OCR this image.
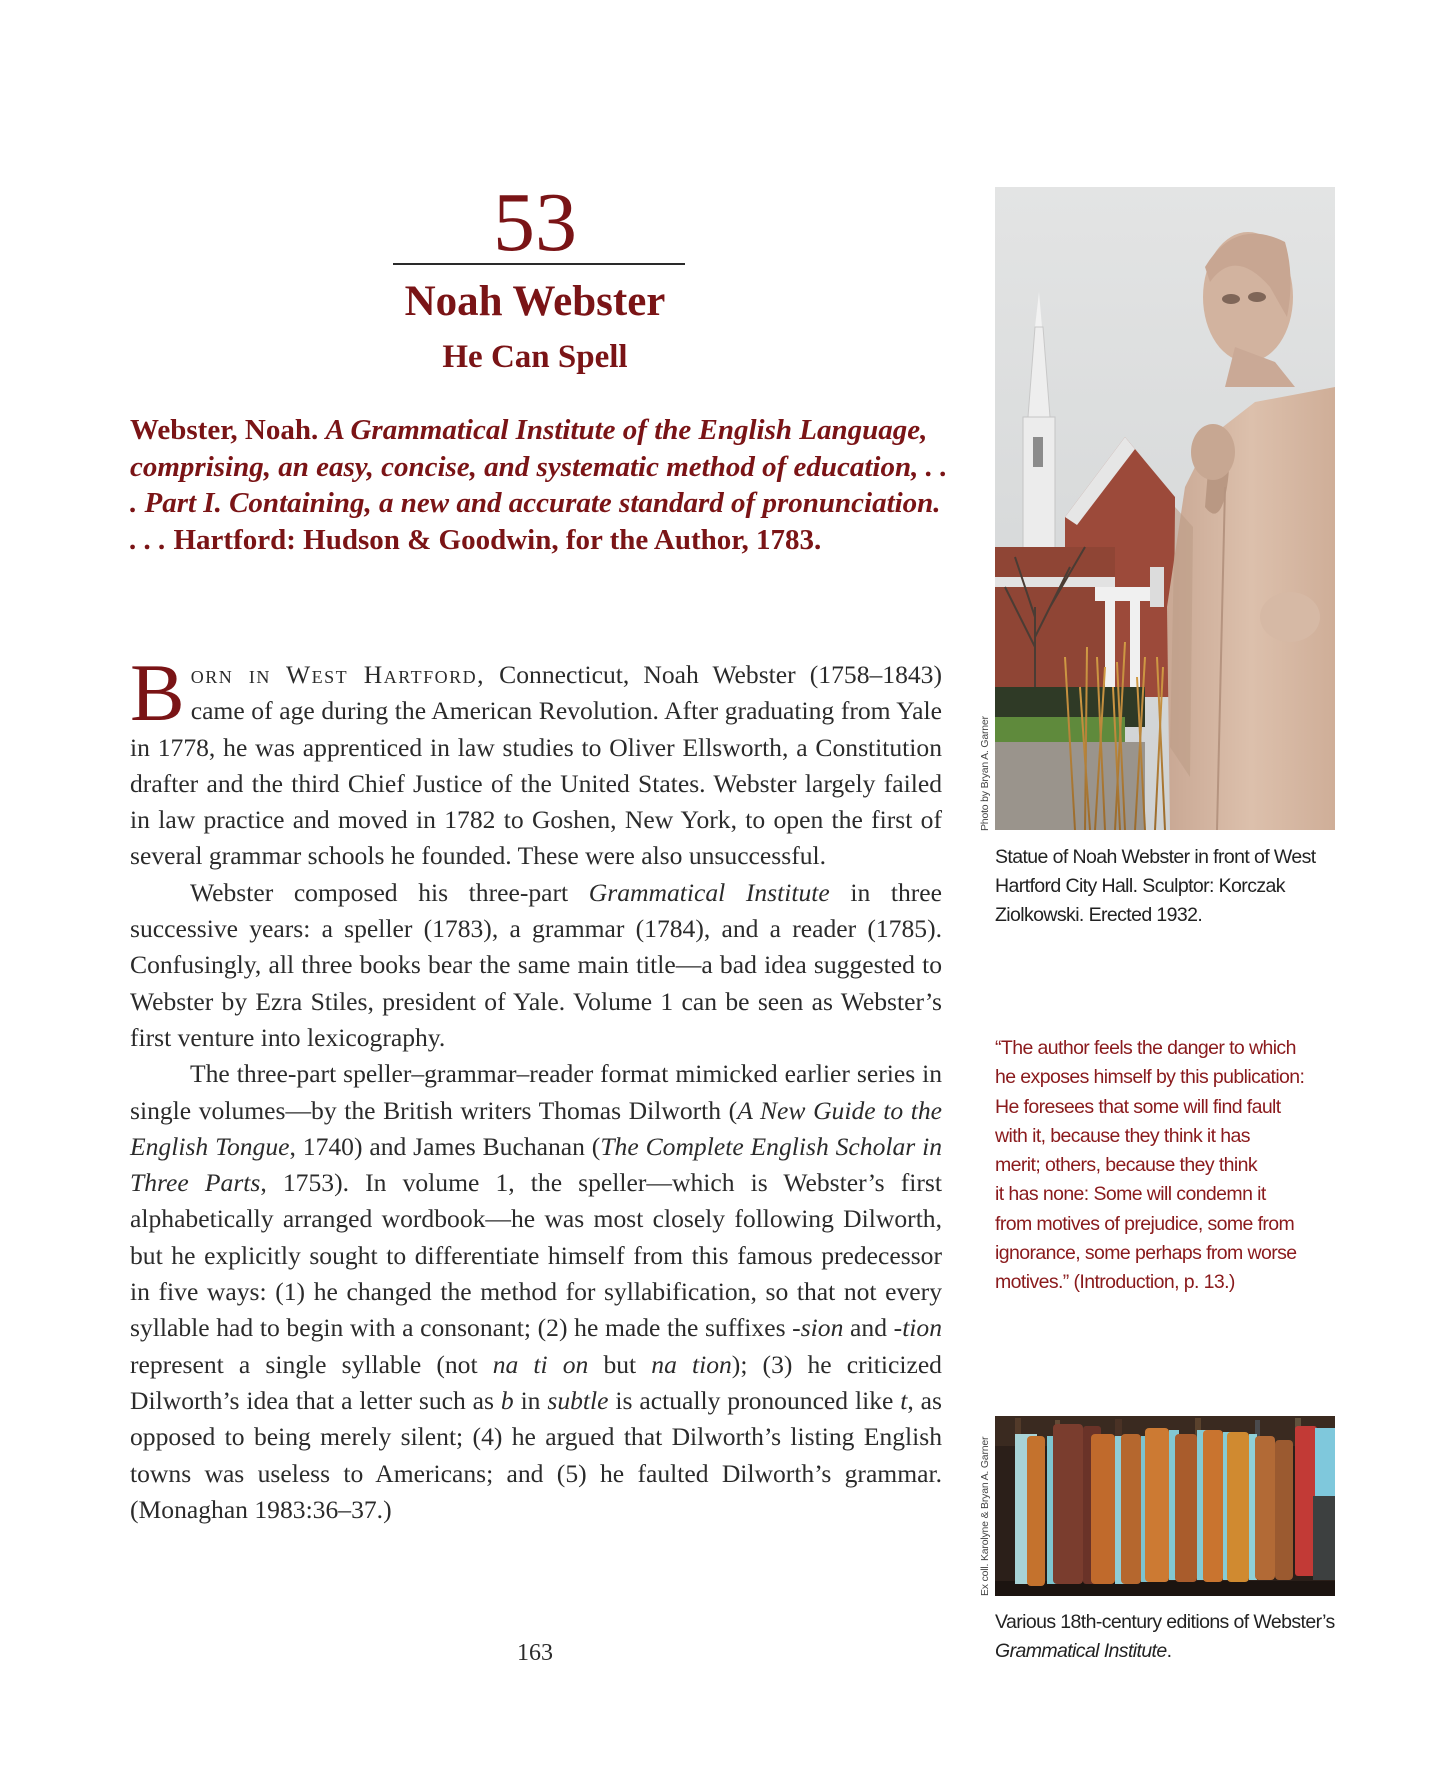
53
Noah Webster
He Can Spell
Webster, Noah. A Grammatical Institute of the English Language, comprising, an easy, concise, and systematic method of education, . . . Part I. Containing, a new and accurate standard of pronunciation. . . . Hartford: Hudson & Goodwin, for the Author, 1783.

Born in West Hartford, Connecticut, Noah Webster (1758–1843) came of age during the American Revolution. After graduating from Yale in 1778, he was apprenticed in law studies to Oliver Ellsworth, a Constitution drafter and the third Chief Justice of the United States. Webster largely failed in law practice and moved in 1782 to Goshen, New York, to open the first of several grammar schools he founded. These were also unsuccessful.

Webster composed his three-part Grammatical Institute in three successive years: a speller (1783), a grammar (1784), and a reader (1785). Confusingly, all three books bear the same main title—a bad idea suggested to Webster by Ezra Stiles, president of Yale. Volume 1 can be seen as Webster’s first venture into lexicography.

The three-part speller–grammar–reader format mimicked earlier series in single volumes—by the British writers Thomas Dilworth (A New Guide to the English Tongue, 1740) and James Buchanan (The Complete English Scholar in Three Parts, 1753). In volume 1, the speller—which is Webster’s first alphabetically arranged wordbook—he was most closely following Dilworth, but he explicitly sought to differentiate himself from this famous predecessor in five ways: (1) he changed the method for syllabification, so that not every syllable had to begin with a consonant; (2) he made the suffixes -sion and -tion represent a single syllable (not na ti on but na tion); (3) he criticized Dilworth’s idea that a letter such as b in subtle is actually pronounced like t, as opposed to being merely silent; (4) he argued that Dilworth’s listing English towns was useless to Americans; and (5) he faulted Dilworth’s grammar. (Monaghan 1983:36–37.)

163
Photo by Bryan A. Garner
Statue of Noah Webster in front of West Hartford City Hall. Sculptor: Korczak Ziolkowski. Erected 1932.
“The author feels the danger to which
he exposes himself by this publication:
He foresees that some will find fault
with it, because they think it has
merit; others, because they think
it has none: Some will condemn it
from motives of prejudice, some from
ignorance, some perhaps from worse
motives.” (Introduction, p. 13.)
Ex coll. Karolyne & Bryan A. Garner
Various 18th-century editions of Webster’s Grammatical Institute.
